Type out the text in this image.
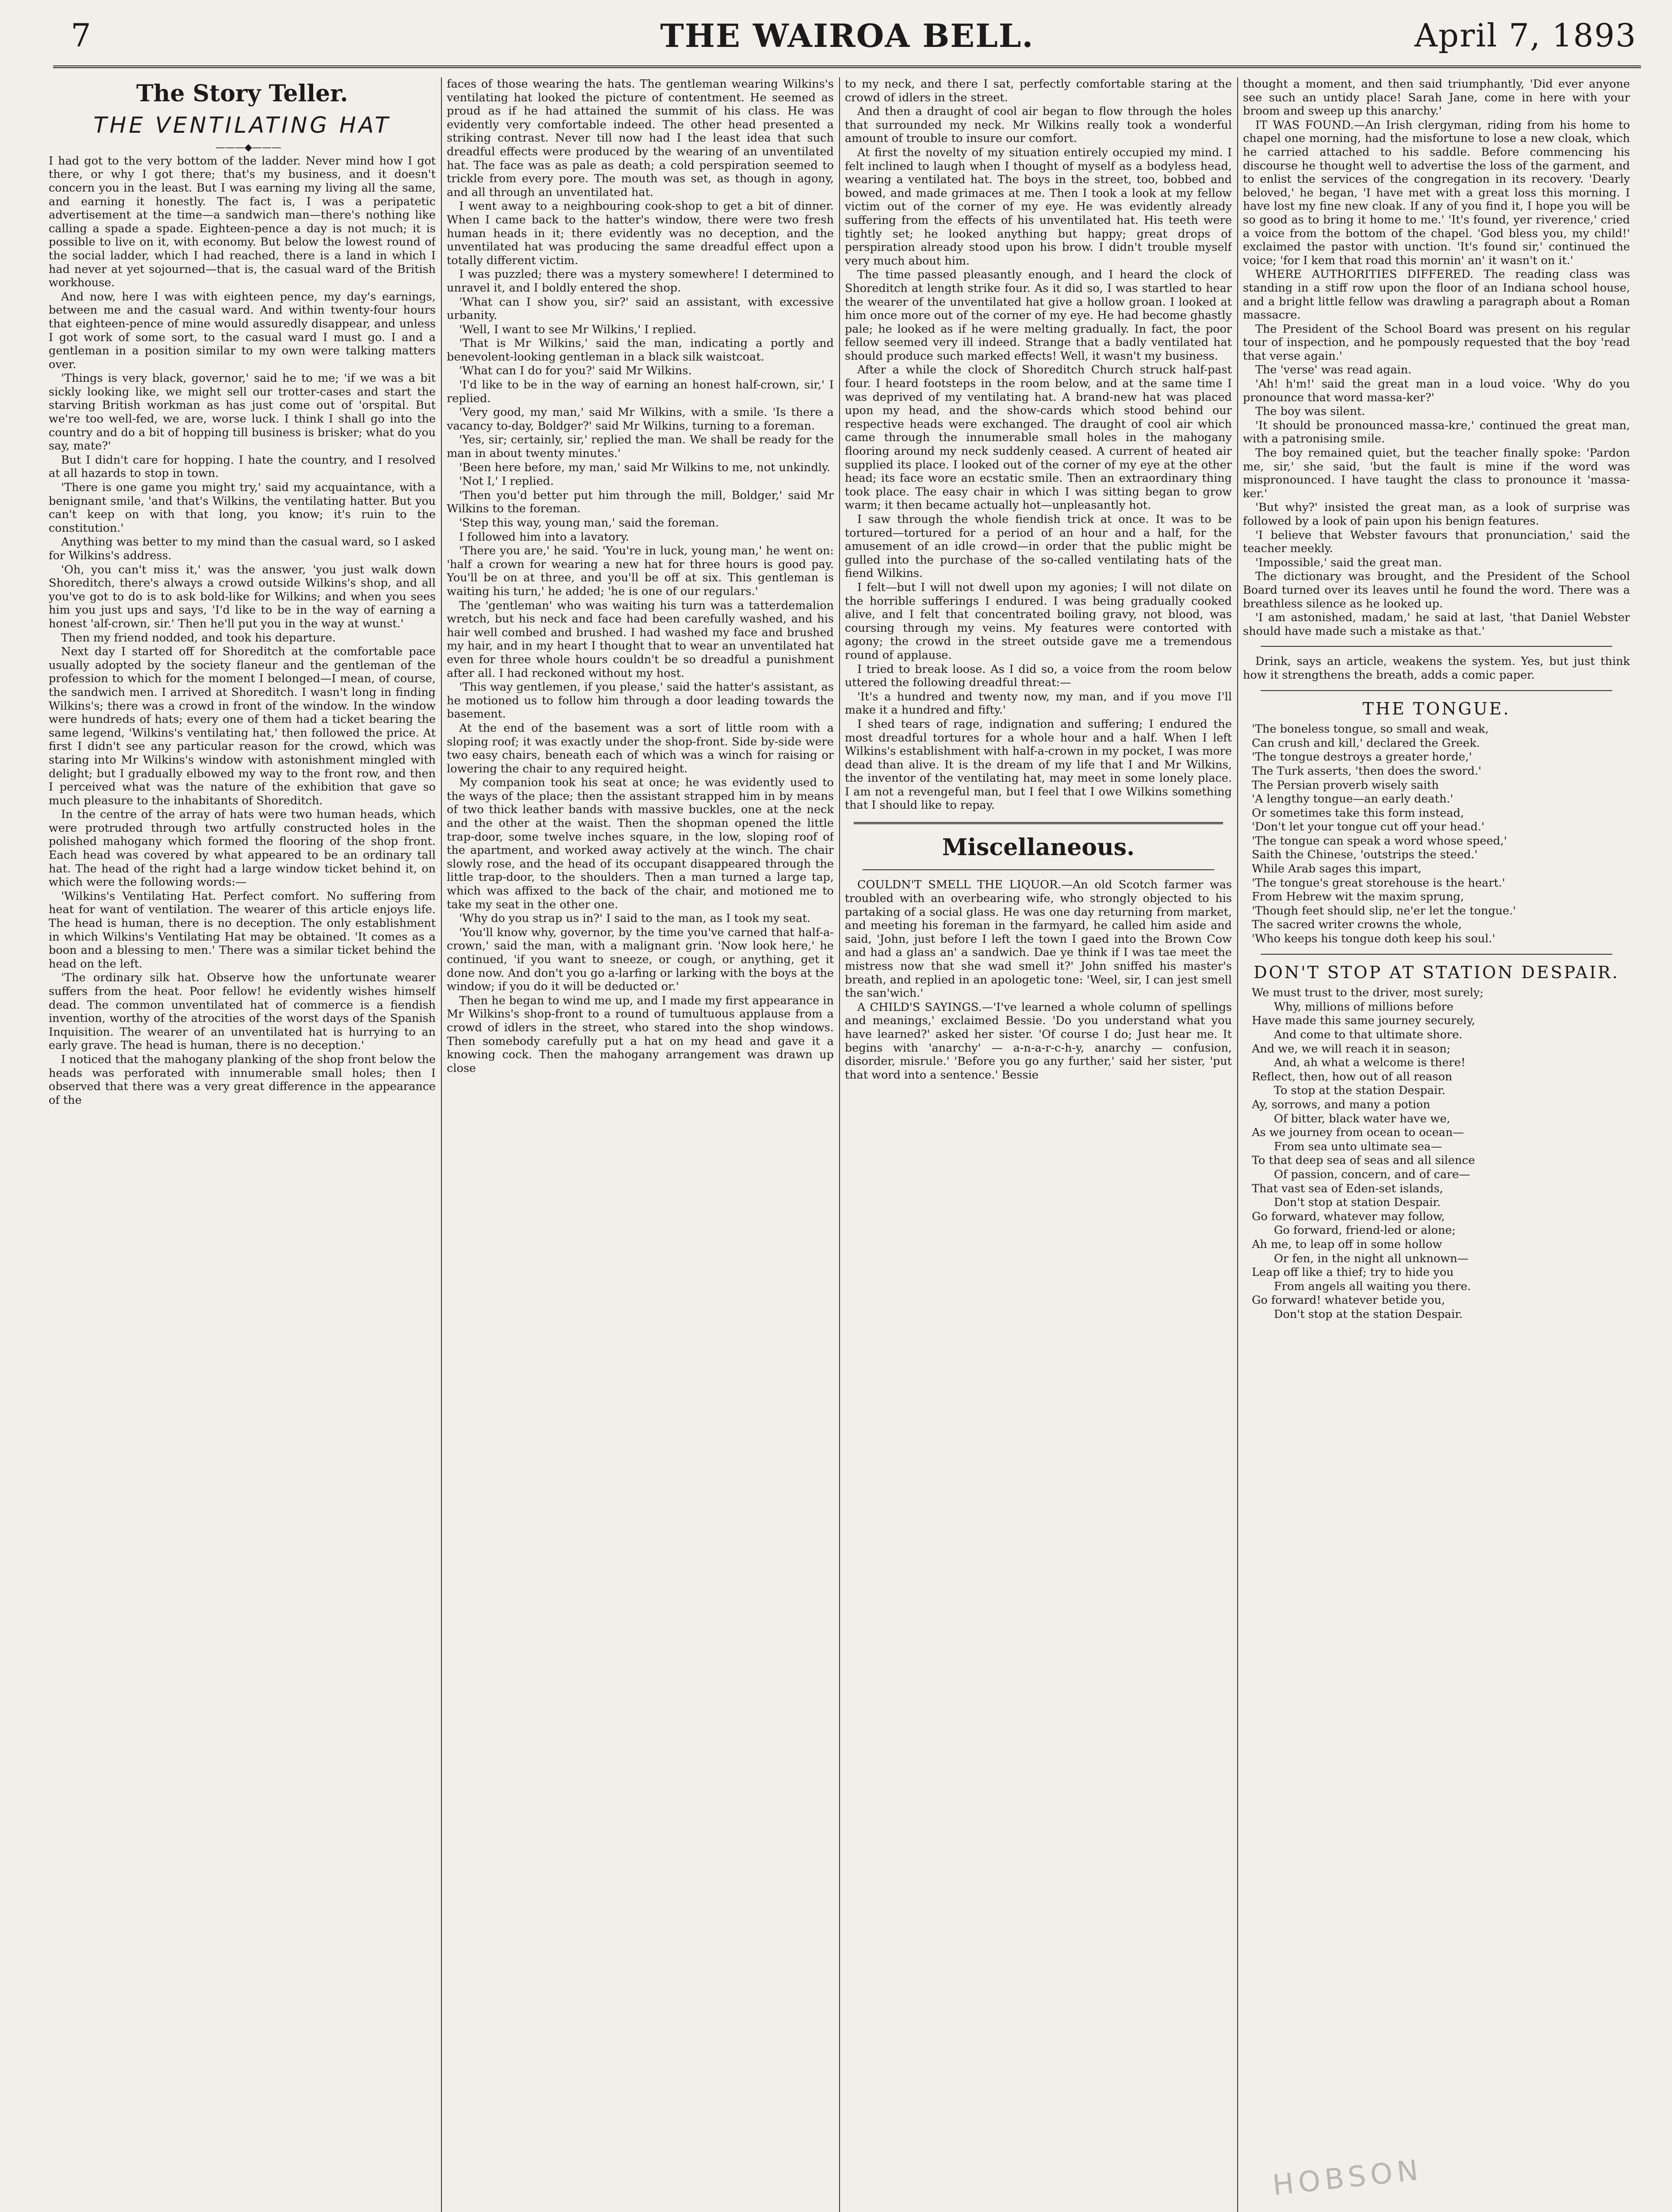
7	THE WAIROA BELL.	April 7, 1893

The Story Teller.

THE VENTILATING HAT

———◆———

I had got to the very bottom of the ladder. Never mind how I got there, or why I got there; that's my business, and it doesn't concern you in the least. But I was earning my living all the same, and earning it honestly. The fact is, I was a peripatetic advertisement at the time—a sandwich man—there's nothing like calling a spade a spade. Eighteen-pence a day is not much; it is possible to live on it, with economy. But below the lowest round of the social ladder, which I had reached, there is a land in which I had never at yet sojourned—that is, the casual ward of the British workhouse.

And now, here I was with eighteen pence, my day's earnings, between me and the casual ward. And within twenty-four hours that eighteen-pence of mine would assuredly disappear, and unless I got work of some sort, to the casual ward I must go. I and a gentleman in a position similar to my own were talking matters over.

'Things is very black, governor,' said he to me; 'if we was a bit sickly looking like, we might sell our trotter-cases and start the starving British workman as has just come out of 'orspital. But we're too well-fed, we are, worse luck. I think I shall go into the country and do a bit of hopping till business is brisker; what do you say, mate?'

But I didn't care for hopping. I hate the country, and I resolved at all hazards to stop in town.

'There is one game you might try,' said my acquaintance, with a benignant smile, 'and that's Wilkins, the ventilating hatter. But you can't keep on with that long, you know; it's ruin to the constitution.'

Anything was better to my mind than the casual ward, so I asked for Wilkins's address.

'Oh, you can't miss it,' was the answer, 'you just walk down Shoreditch, there's always a crowd outside Wilkins's shop, and all you've got to do is to ask bold-like for Wilkins; and when you sees him you just ups and says, 'I'd like to be in the way of earning a honest 'alf-crown, sir.' Then he'll put you in the way at wunst.'

Then my friend nodded, and took his departure.

Next day I started off for Shoreditch at the comfortable pace usually adopted by the society flaneur and the gentleman of the profession to which for the moment I belonged—I mean, of course, the sandwich men. I arrived at Shoreditch. I wasn't long in finding Wilkins's; there was a crowd in front of the window. In the window were hundreds of hats; every one of them had a ticket bearing the same legend, 'Wilkins's ventilating hat,' then followed the price. At first I didn't see any particular reason for the crowd, which was staring into Mr Wilkins's window with astonishment mingled with delight; but I gradually elbowed my way to the front row, and then I perceived what was the nature of the exhibition that gave so much pleasure to the inhabitants of Shoreditch.

In the centre of the array of hats were two human heads, which were protruded through two artfully constructed holes in the polished mahogany which formed the flooring of the shop front. Each head was covered by what appeared to be an ordinary tall hat. The head of the right had a large window ticket behind it, on which were the following words:—

'Wilkins's Ventilating Hat. Perfect comfort. No suffering from heat for want of ventilation. The wearer of this article enjoys life. The head is human, there is no deception. The only establishment in which Wilkins's Ventilating Hat may be obtained. 'It comes as a boon and a blessing to men.' There was a similar ticket behind the head on the left.

'The ordinary silk hat. Observe how the unfortunate wearer suffers from the heat. Poor fellow! he evidently wishes himself dead. The common unventilated hat of commerce is a fiendish invention, worthy of the atrocities of the worst days of the Spanish Inquisition. The wearer of an unventilated hat is hurrying to an early grave. The head is human, there is no deception.'

I noticed that the mahogany planking of the shop front below the heads was perforated with innumerable small holes; then I observed that there was a very great difference in the appearance of the

faces of those wearing the hats. The gentleman wearing Wilkins's ventilating hat looked the picture of contentment. He seemed as proud as if he had attained the summit of his class. He was evidently very comfortable indeed. The other head presented a striking contrast. Never till now had I the least idea that such dreadful effects were produced by the wearing of an unventilated hat. The face was as pale as death; a cold perspiration seemed to trickle from every pore. The mouth was set, as though in agony, and all through an unventilated hat.

I went away to a neighbouring cook-shop to get a bit of dinner. When I came back to the hatter's window, there were two fresh human heads in it; there evidently was no deception, and the unventilated hat was producing the same dreadful effect upon a totally different victim.

I was puzzled; there was a mystery somewhere! I determined to unravel it, and I boldly entered the shop.

'What can I show you, sir?' said an assistant, with excessive urbanity.

'Well, I want to see Mr Wilkins,' I replied.

'That is Mr Wilkins,' said the man, indicating a portly and benevolent-looking gentleman in a black silk waistcoat.

'What can I do for you?' said Mr Wilkins.

'I'd like to be in the way of earning an honest half-crown, sir,' I replied.

'Very good, my man,' said Mr Wilkins, with a smile. 'Is there a vacancy to-day, Boldger?' said Mr Wilkins, turning to a foreman.

'Yes, sir; certainly, sir,' replied the man. We shall be ready for the man in about twenty minutes.'

'Been here before, my man,' said Mr Wilkins to me, not unkindly.

'Not I,' I replied.

'Then you'd better put him through the mill, Boldger,' said Mr Wilkins to the foreman.

'Step this way, young man,' said the foreman.

I followed him into a lavatory.

'There you are,' he said. 'You're in luck, young man,' he went on: 'half a crown for wearing a new hat for three hours is good pay. You'll be on at three, and you'll be off at six. This gentleman is waiting his turn,' he added; 'he is one of our regulars.'

The 'gentleman' who was waiting his turn was a tatterdemalion wretch, but his neck and face had been carefully washed, and his hair well combed and brushed. I had washed my face and brushed my hair, and in my heart I thought that to wear an unventilated hat even for three whole hours couldn't be so dreadful a punishment after all. I had reckoned without my host.

'This way gentlemen, if you please,' said the hatter's assistant, as he motioned us to follow him through a door leading towards the basement.

At the end of the basement was a sort of little room with a sloping roof; it was exactly under the shop-front. Side by-side were two easy chairs, beneath each of which was a winch for raising or lowering the chair to any required height.

My companion took his seat at once; he was evidently used to the ways of the place; then the assistant strapped him in by means of two thick leather bands with massive buckles, one at the neck and the other at the waist. Then the shopman opened the little trap-door, some twelve inches square, in the low, sloping roof of the apartment, and worked away actively at the winch. The chair slowly rose, and the head of its occupant disappeared through the little trap-door, to the shoulders. Then a man turned a large tap, which was affixed to the back of the chair, and motioned me to take my seat in the other one.

'Why do you strap us in?' I said to the man, as I took my seat.

'You'll know why, governor, by the time you've carned that half-a-crown,' said the man, with a malignant grin. 'Now look here,' he continued, 'if you want to sneeze, or cough, or anything, get it done now. And don't you go a-larfing or larking with the boys at the window; if you do it will be deducted or.'

Then he began to wind me up, and I made my first appearance in Mr Wilkins's shop-front to a round of tumultuous applause from a crowd of idlers in the street, who stared into the shop windows. Then somebody carefully put a hat on my head and gave it a knowing cock. Then the mahogany arrangement was drawn up close

to my neck, and there I sat, perfectly comfortable staring at the crowd of idlers in the street.

And then a draught of cool air began to flow through the holes that surrounded my neck. Mr Wilkins really took a wonderful amount of trouble to insure our comfort.

At first the novelty of my situation entirely occupied my mind. I felt inclined to laugh when I thought of myself as a bodyless head, wearing a ventilated hat. The boys in the street, too, bobbed and bowed, and made grimaces at me. Then I took a look at my fellow victim out of the corner of my eye. He was evidently already suffering from the effects of his unventilated hat. His teeth were tightly set; he looked anything but happy; great drops of perspiration already stood upon his brow. I didn't trouble myself very much about him.

The time passed pleasantly enough, and I heard the clock of Shoreditch at length strike four. As it did so, I was startled to hear the wearer of the unventilated hat give a hollow groan. I looked at him once more out of the corner of my eye. He had become ghastly pale; he looked as if he were melting gradually. In fact, the poor fellow seemed very ill indeed. Strange that a badly ventilated hat should produce such marked effects! Well, it wasn't my business.

After a while the clock of Shoreditch Church struck half-past four. I heard footsteps in the room below, and at the same time I was deprived of my ventilating hat. A brand-new hat was placed upon my head, and the show-cards which stood behind our respective heads were exchanged. The draught of cool air which came through the innumerable small holes in the mahogany flooring around my neck suddenly ceased. A current of heated air supplied its place. I looked out of the corner of my eye at the other head; its face wore an ecstatic smile. Then an extraordinary thing took place. The easy chair in which I was sitting began to grow warm; it then became actually hot—unpleasantly hot.

I saw through the whole fiendish trick at once. It was to be tortured—tortured for a period of an hour and a half, for the amusement of an idle crowd—in order that the public might be gulled into the purchase of the so-called ventilating hats of the fiend Wilkins.

I felt—but I will not dwell upon my agonies; I will not dilate on the horrible sufferings I endured. I was being gradually cooked alive, and I felt that concentrated boiling gravy, not blood, was coursing through my veins. My features were contorted with agony; the crowd in the street outside gave me a tremendous round of applause.

I tried to break loose. As I did so, a voice from the room below uttered the following dreadful threat:—

'It's a hundred and twenty now, my man, and if you move I'll make it a hundred and fifty.'

I shed tears of rage, indignation and suffering; I endured the most dreadful tortures for a whole hour and a half. When I left Wilkins's establishment with half-a-crown in my pocket, I was more dead than alive. It is the dream of my life that I and Mr Wilkins, the inventor of the ventilating hat, may meet in some lonely place. I am not a revengeful man, but I feel that I owe Wilkins something that I should like to repay.

Miscellaneous.

COULDN'T SMELL THE LIQUOR.—An old Scotch farmer was troubled with an overbearing wife, who strongly objected to his partaking of a social glass. He was one day returning from market, and meeting his foreman in the farmyard, he called him aside and said, 'John, just before I left the town I gaed into the Brown Cow and had a glass an' a sandwich. Dae ye think if I was tae meet the mistress now that she wad smell it?' John sniffed his master's breath, and replied in an apologetic tone: 'Weel, sir, I can jest smell the san'wich.'

A CHILD'S SAYINGS.—'I've learned a whole column of spellings and meanings,' exclaimed Bessie. 'Do you understand what you have learned?' asked her sister. 'Of course I do; Just hear me. It begins with 'anarchy' — a-n-a-r-c-h-y, anarchy — confusion, disorder, misrule.' 'Before you go any further,' said her sister, 'put that word into a sentence.' Bessie

thought a moment, and then said triumphantly, 'Did ever anyone see such an untidy place! Sarah Jane, come in here with your broom and sweep up this anarchy.'

IT WAS FOUND.—An Irish clergyman, riding from his home to chapel one morning, had the misfortune to lose a new cloak, which he carried attached to his saddle. Before commencing his discourse he thought well to advertise the loss of the garment, and to enlist the services of the congregation in its recovery. 'Dearly beloved,' he began, 'I have met with a great loss this morning. I have lost my fine new cloak. If any of you find it, I hope you will be so good as to bring it home to me.' 'It's found, yer riverence,' cried a voice from the bottom of the chapel. 'God bless you, my child!' exclaimed the pastor with unction. 'It's found sir,' continued the voice; 'for I kem that road this mornin' an' it wasn't on it.'

WHERE AUTHORITIES DIFFERED. The reading class was standing in a stiff row upon the floor of an Indiana school house, and a bright little fellow was drawling a paragraph about a Roman massacre.

The President of the School Board was present on his regular tour of inspection, and he pompously requested that the boy 'read that verse again.'

The 'verse' was read again.

'Ah! h'm!' said the great man in a loud voice. 'Why do you pronounce that word massa-ker?'

The boy was silent.

'It should be pronounced massa-kre,' continued the great man, with a patronising smile.

The boy remained quiet, but the teacher finally spoke: 'Pardon me, sir,' she said, 'but the fault is mine if the word was mispronounced. I have taught the class to pronounce it 'massa-ker.'

'But why?' insisted the great man, as a look of surprise was followed by a look of pain upon his benign features.

'I believe that Webster favours that pronunciation,' said the teacher meekly.

'Impossible,' said the great man.

The dictionary was brought, and the President of the School Board turned over its leaves until he found the word. There was a breathless silence as he looked up.

'I am astonished, madam,' he said at last, 'that Daniel Webster should have made such a mistake as that.'

Drink, says an article, weakens the system. Yes, but just think how it strengthens the breath, adds a comic paper.

THE TONGUE.

'The boneless tongue, so small and weak,

Can crush and kill,' declared the Greek.

'The tongue destroys a greater horde,'

The Turk asserts, 'then does the sword.'

The Persian proverb wisely saith

'A lengthy tongue—an early death.'

Or sometimes take this form instead,

'Don't let your tongue cut off your head.'

'The tongue can speak a word whose speed,'

Saith the Chinese, 'outstrips the steed.'

While Arab sages this impart,

'The tongue's great storehouse is the heart.'

From Hebrew wit the maxim sprung,

'Though feet should slip, ne'er let the tongue.'

The sacred writer crowns the whole,

'Who keeps his tongue doth keep his soul.'

DON'T STOP AT STATION DESPAIR.

We must trust to the driver, most surely;

Why, millions of millions before

Have made this same journey securely,

And come to that ultimate shore.

And we, we will reach it in season;

And, ah what a welcome is there!

Reflect, then, how out of all reason

To stop at the station Despair.

Ay, sorrows, and many a potion

Of bitter, black water have we,

As we journey from ocean to ocean—

From sea unto ultimate sea—

To that deep sea of seas and all silence

Of passion, concern, and of care—

That vast sea of Eden-set islands,

Don't stop at station Despair.

Go forward, whatever may follow,

Go forward, friend-led or alone;

Ah me, to leap off in some hollow

Or fen, in the night all unknown—

Leap off like a thief; try to hide you

From angels all waiting you there.

Go forward! whatever betide you,

Don't stop at the station Despair.

HOBSON
